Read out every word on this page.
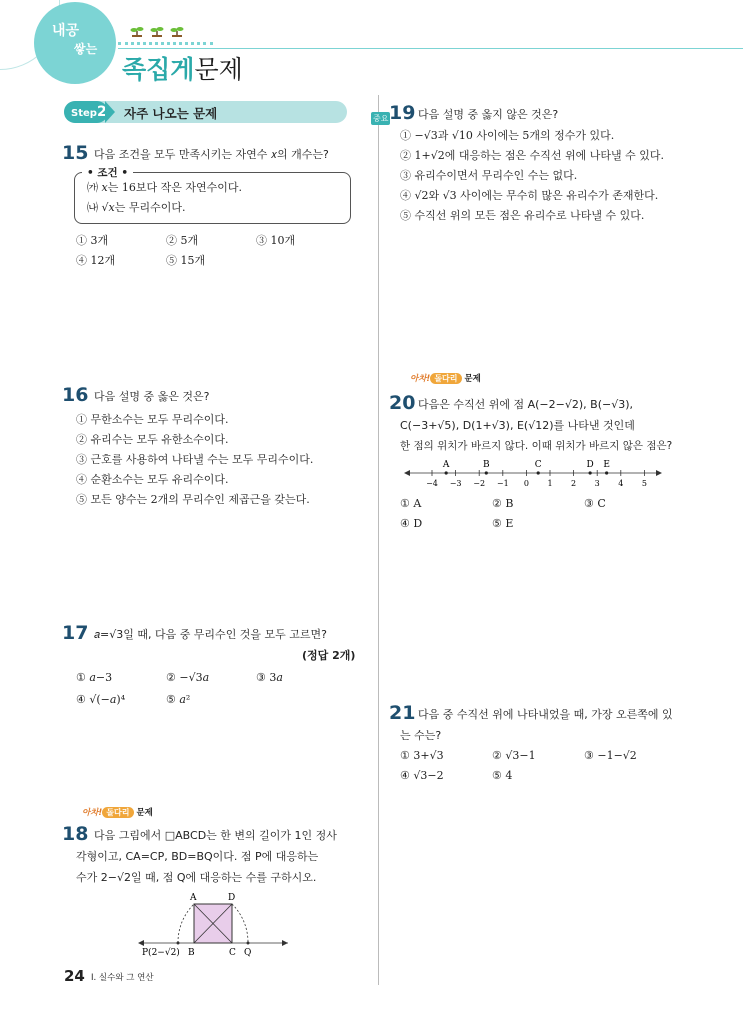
내공
쌓는
족집게문제
Step2 자주 나오는 문제
15 다음 조건을 모두 만족시키는 자연수 𝑥의 개수는?
• 조건 •
㈎ 𝑥는 16보다 작은 자연수이다.
㈏ √𝑥는 무리수이다.
① 3개	② 5개	③ 10개
④ 12개	⑤ 15개
16 다음 설명 중 옳은 것은?
① 무한소수는 모두 무리수이다.
② 유리수는 모두 유한소수이다.
③ 근호를 사용하여 나타낼 수는 모두 무리수이다.
④ 순환소수는 모두 유리수이다.
⑤ 모든 양수는 2개의 무리수인 제곱근을 갖는다.
17 𝑎=√3일 때, 다음 중 무리수인 것을 모두 고르면?
(정답 2개)
① 𝑎−3	② −√3𝑎	③ 3𝑎
④ √(−𝑎)⁴	⑤ 𝑎²
아차! 돌다리 문제
18 다음 그림에서 □ABCD는 한 변의 길이가 1인 정사
각형이고, CA=CP, BD=BQ이다. 점 P에 대응하는
수가 2−√2일 때, 점 Q에 대응하는 수를 구하시오.
A	D
P(2−√2) B	C Q
중요 19 다음 설명 중 옳지 않은 것은?
① −√3과 √10 사이에는 5개의 정수가 있다.
② 1+√2에 대응하는 점은 수직선 위에 나타낼 수 있다.
③ 유리수이면서 무리수인 수는 없다.
④ √2와 √3 사이에는 무수히 많은 유리수가 존재한다.
⑤ 수직선 위의 모든 점은 유리수로 나타낼 수 있다.
아차! 돌다리 문제
20 다음은 수직선 위에 점 A(−2−√2), B(−√3),
C(−3+√5), D(1+√3), E(√12)를 나타낸 것인데
한 점의 위치가 바르지 않다. 이때 위치가 바르지 않은 점은?
−4 −3 −2 −1 0 1 2 3 4 5
A	B	C	D E
① A	② B	③ C
④ D	⑤ E
21 다음 중 수직선 위에 나타내었을 때, 가장 오른쪽에 있
는 수는?
① 3+√3	② √3−1	③ −1−√2
④ √3−2	⑤ 4
24 Ⅰ. 실수와 그 연산
